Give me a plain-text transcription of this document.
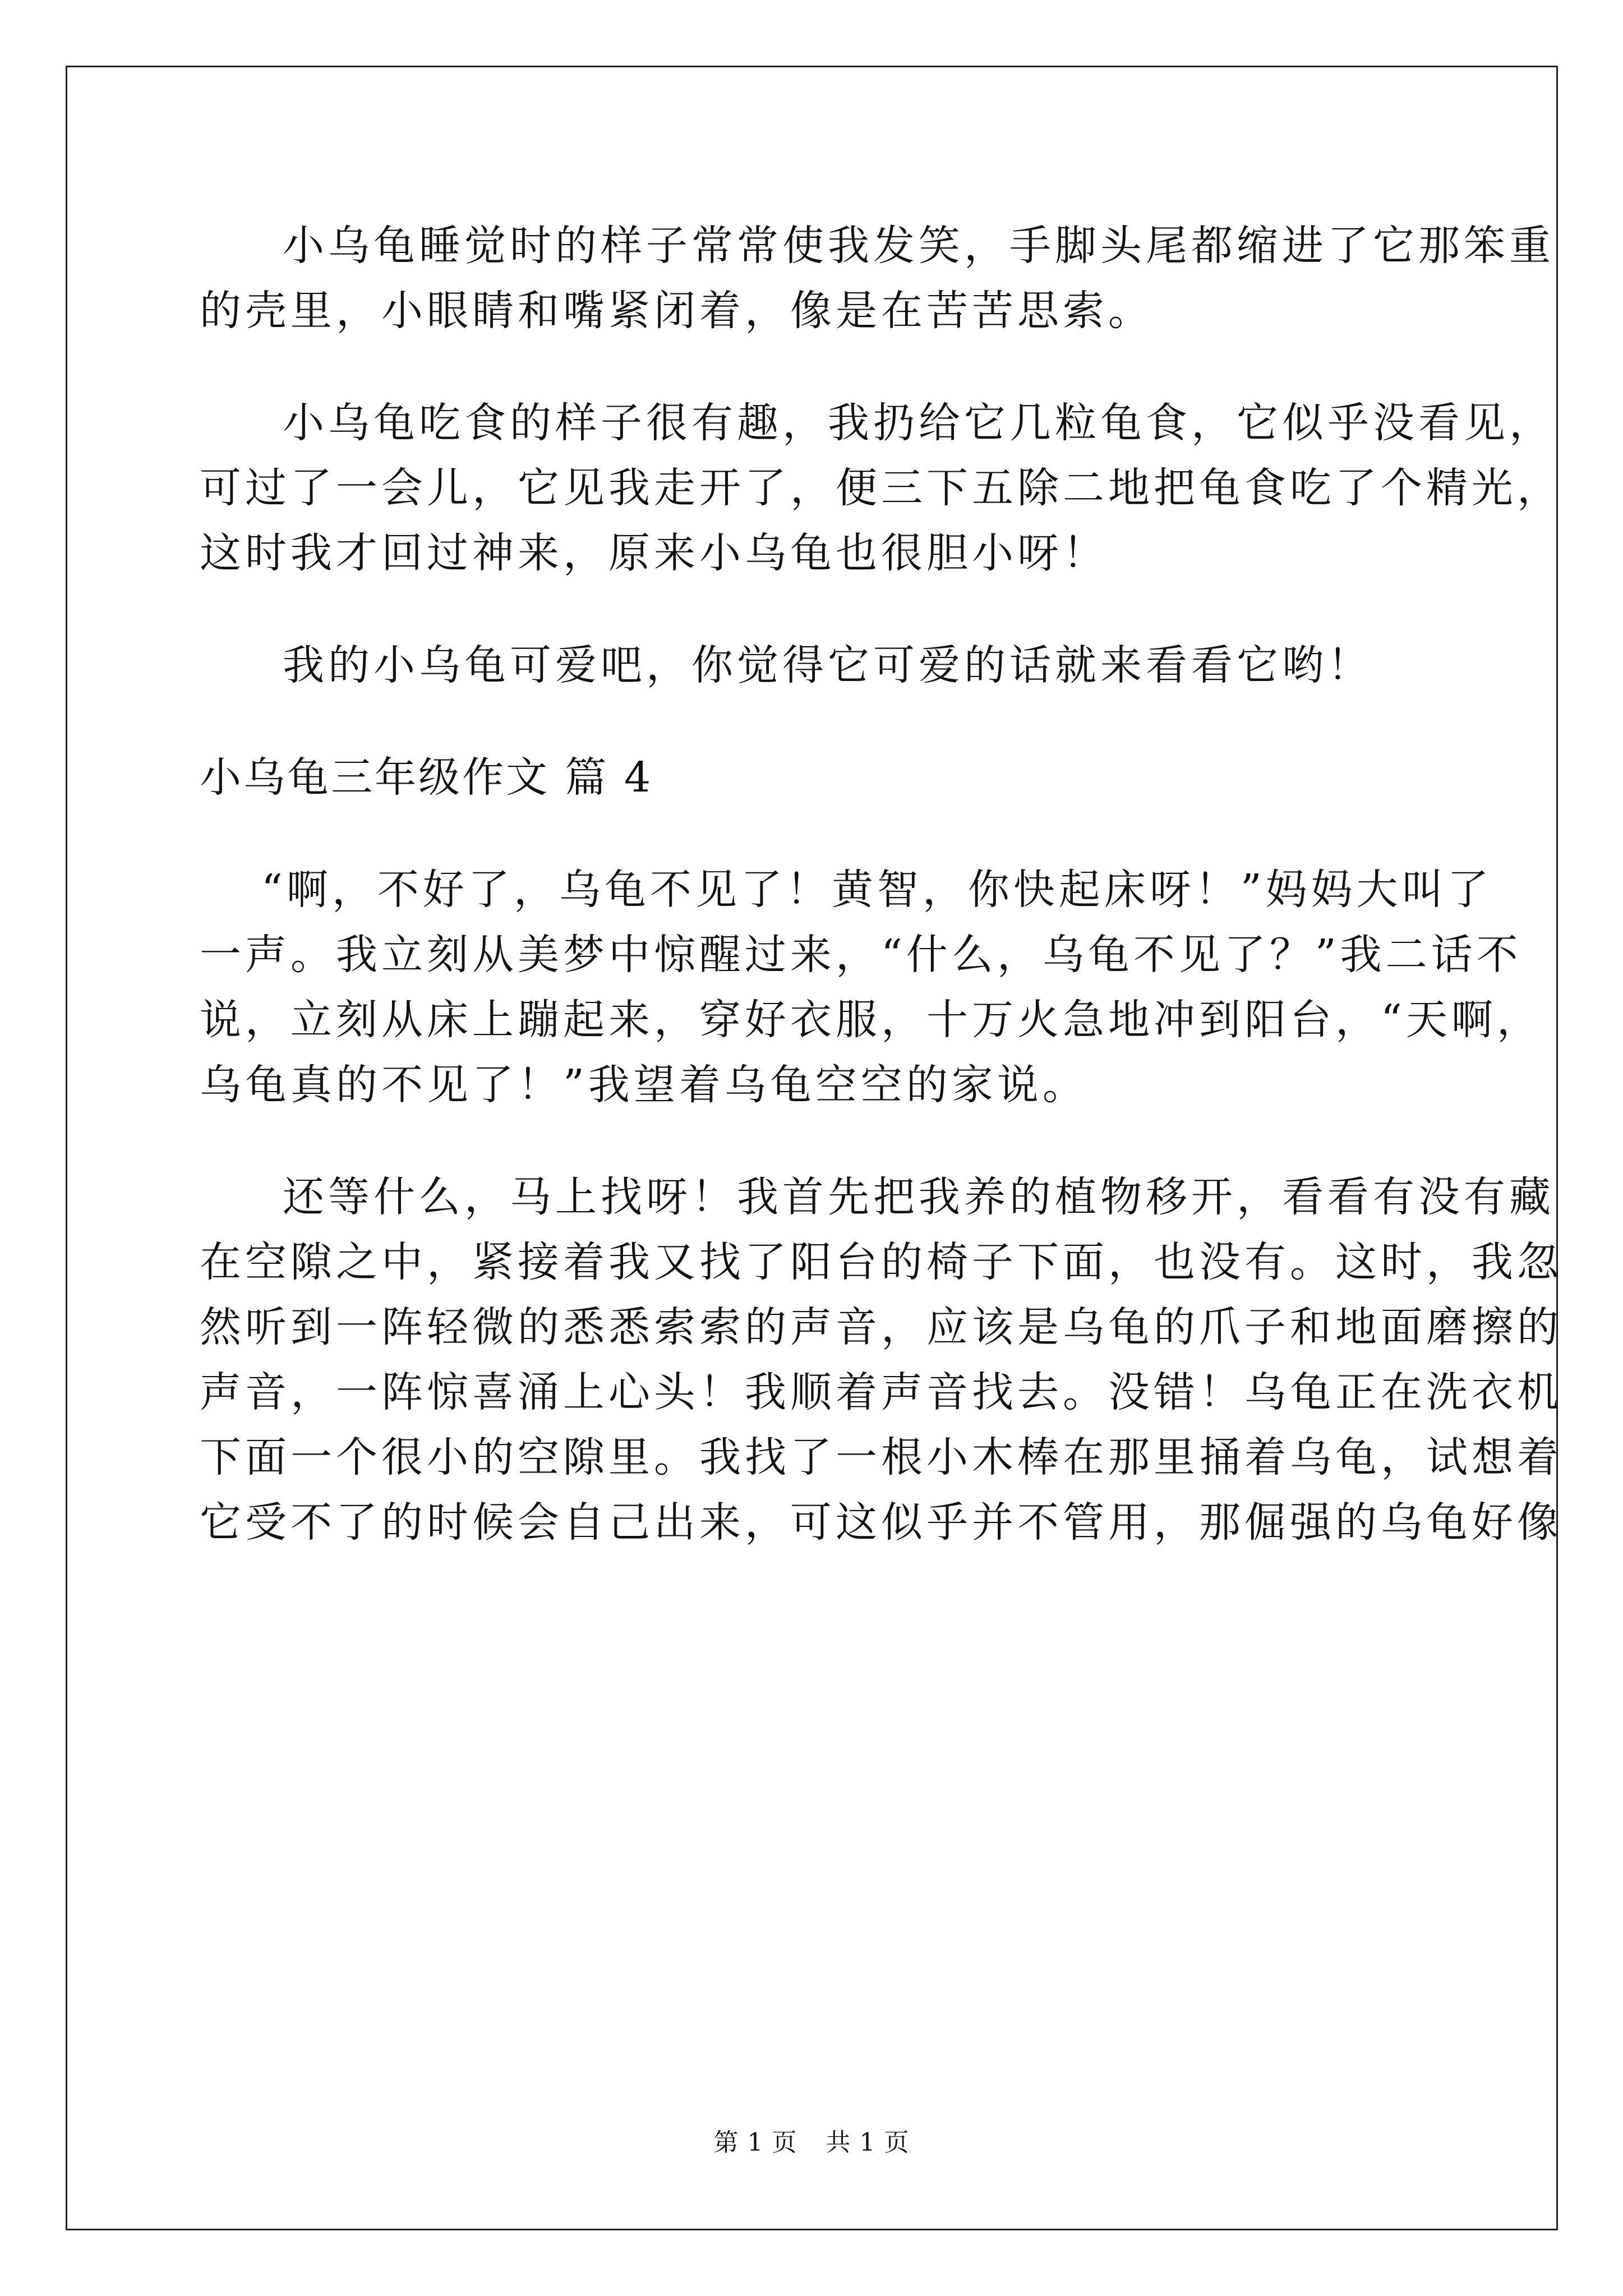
小乌龟睡觉时的样子常常使我发笑，手脚头尾都缩进了它那笨重
的壳里，小眼睛和嘴紧闭着，像是在苦苦思索。
小乌龟吃食的样子很有趣，我扔给它几粒龟食，它似乎没看见，
可过了一会儿，它见我走开了，便三下五除二地把龟食吃了个精光，
这时我才回过神来，原来小乌龟也很胆小呀！
我的小乌龟可爱吧，你觉得它可爱的话就来看看它哟！
小乌龟三年级作文 篇 4
“啊，不好了，乌龟不见了！黄智，你快起床呀！”妈妈大叫了
一声。我立刻从美梦中惊醒过来，“什么，乌龟不见了？”我二话不
说，立刻从床上蹦起来，穿好衣服，十万火急地冲到阳台，“天啊，
乌龟真的不见了！”我望着乌龟空空的家说。
还等什么，马上找呀！我首先把我养的植物移开，看看有没有藏
在空隙之中，紧接着我又找了阳台的椅子下面，也没有。这时，我忽
然听到一阵轻微的悉悉索索的声音，应该是乌龟的爪子和地面磨擦的
声音，一阵惊喜涌上心头！我顺着声音找去。没错！乌龟正在洗衣机
下面一个很小的空隙里。我找了一根小木棒在那里捅着乌龟，试想着
它受不了的时候会自己出来，可这似乎并不管用，那倔强的乌龟好像
第 1 页 共 1 页
